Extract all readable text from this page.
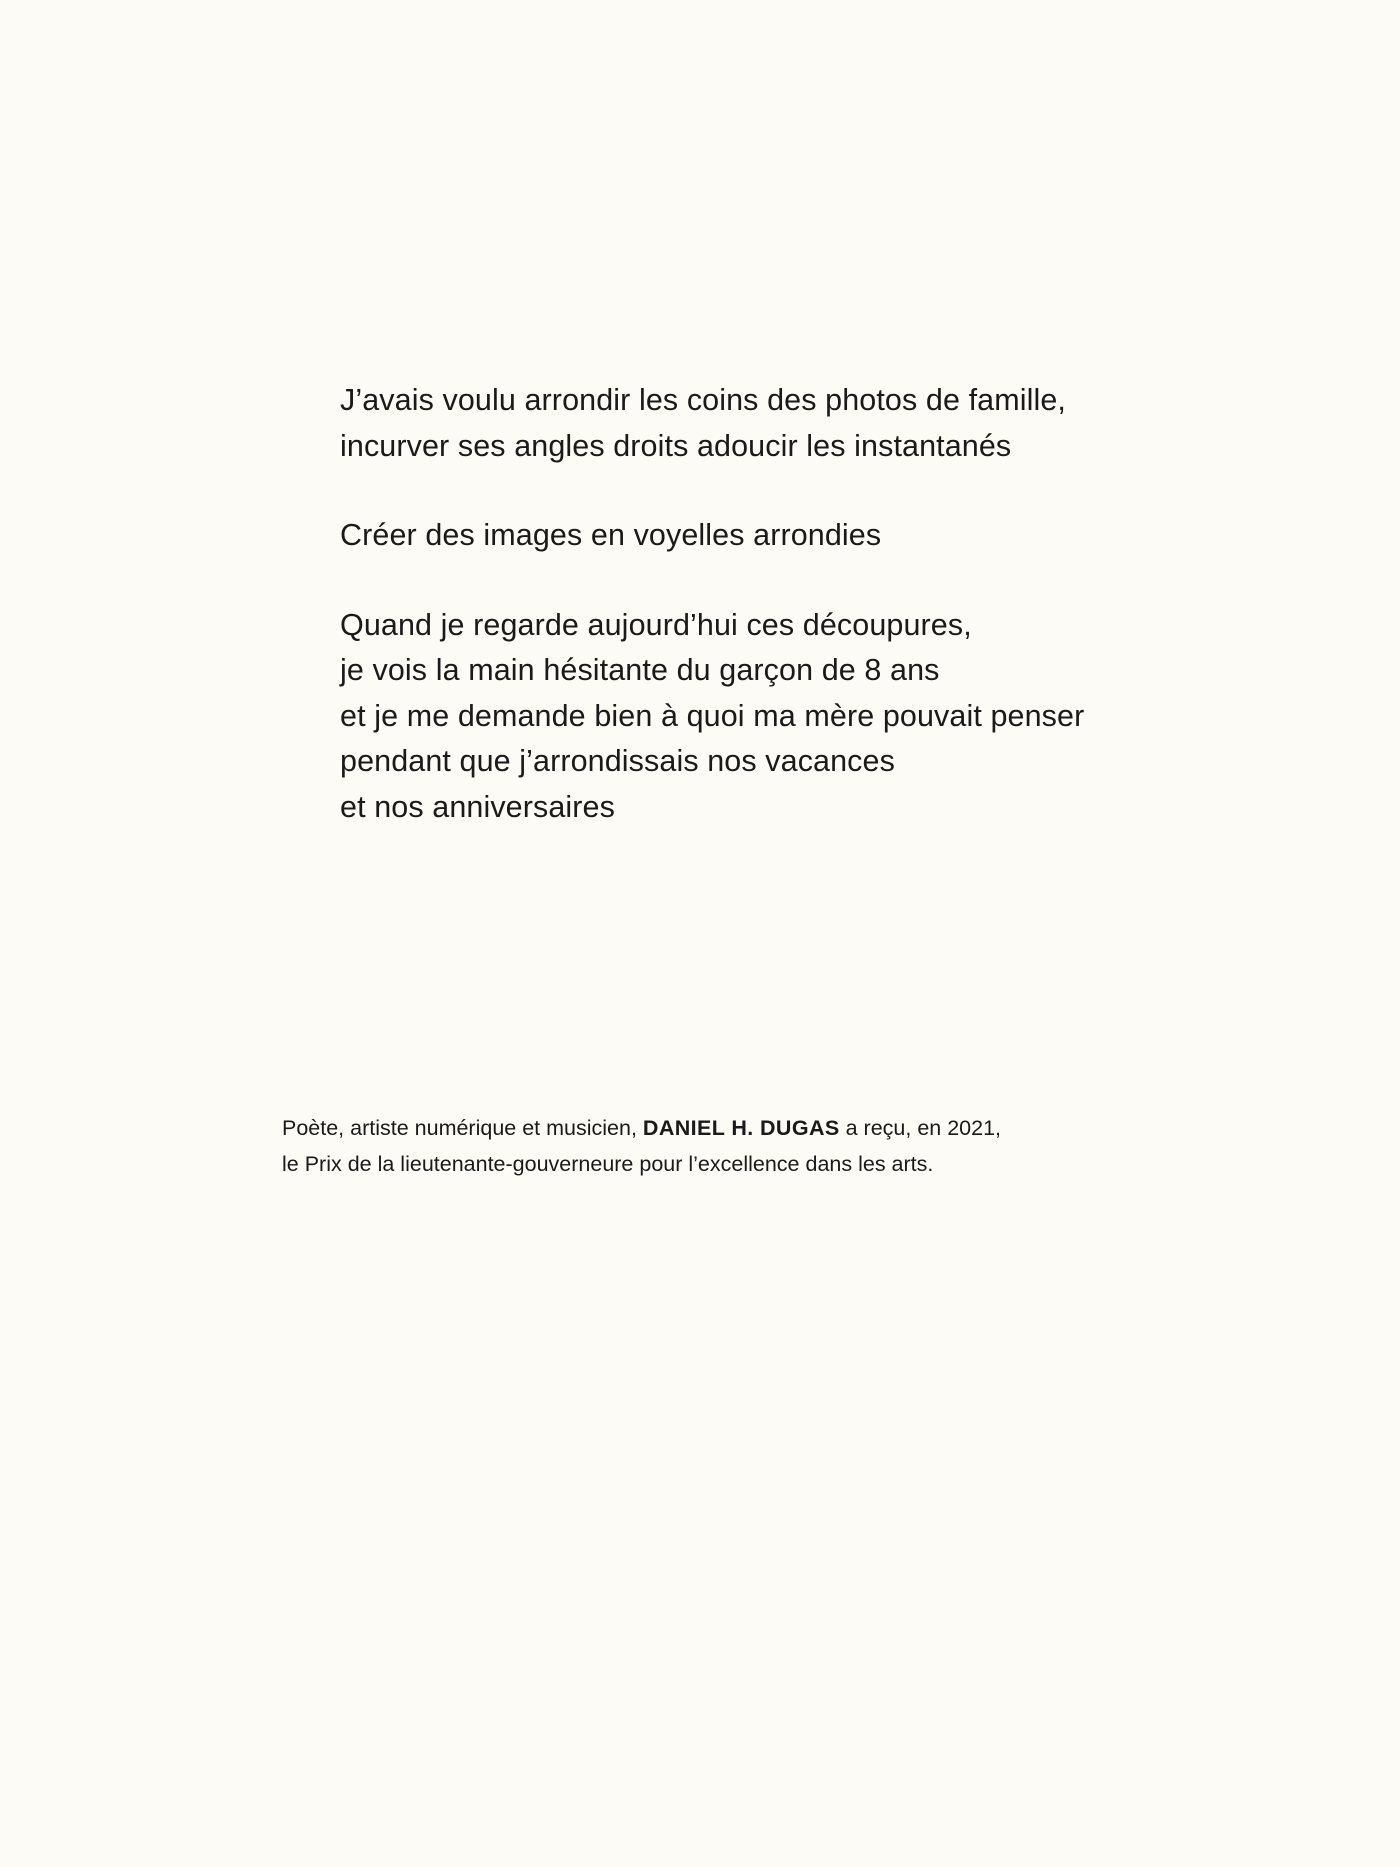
J’avais voulu arrondir les coins des photos de famille,
incurver ses angles droits adoucir les instantanés
Créer des images en voyelles arrondies
Quand je regarde aujourd’hui ces découpures,
je vois la main hésitante du garçon de 8 ans
et je me demande bien à quoi ma mère pouvait penser
pendant que j’arrondissais nos vacances
et nos anniversaires
Poète, artiste numérique et musicien, DANIEL H. DUGAS a reçu, en 2021,
le Prix de la lieutenante-gouverneure pour l’excellence dans les arts.
